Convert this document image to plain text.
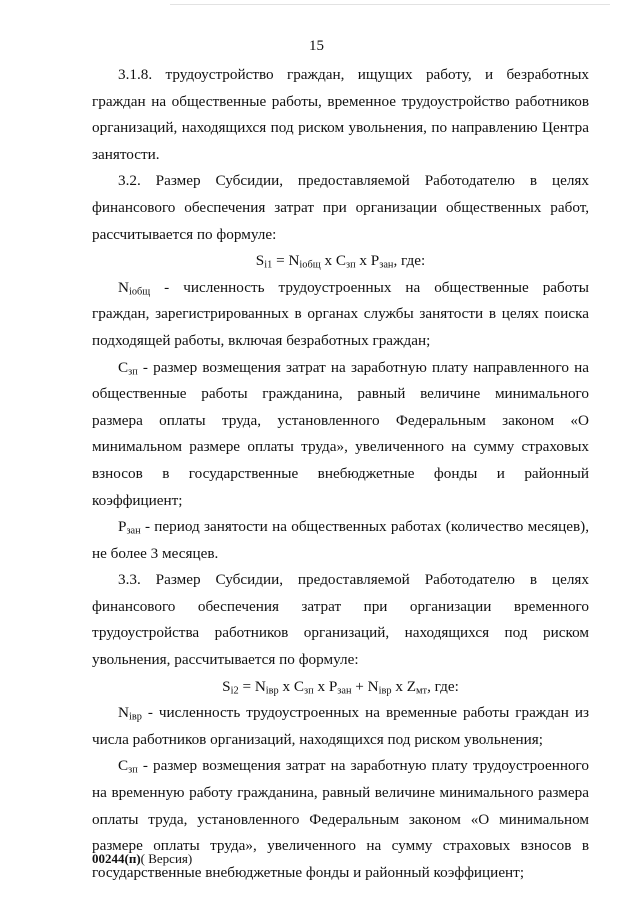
15

3.1.8. трудоустройство граждан, ищущих работу, и безработных граждан на общественные работы, временное трудоустройство работников организаций, находящихся под риском увольнения, по направлению Центра занятости.

3.2. Размер Субсидии, предоставляемой Работодателю в целях финансового обеспечения затрат при организации общественных работ, рассчитывается по формуле:

$S_{i1} = N_{ioбщ}$ x $С_{зп}$ x $Р_{зан}$, где:

$N_{ioбщ}$ - численность трудоустроенных на общественные работы граждан, зарегистрированных в органах службы занятости в целях поиска подходящей работы, включая безработных граждан;

$С_{зп}$ - размер возмещения затрат на заработную плату направленного на общественные работы гражданина, равный величине минимального размера оплаты труда, установленного Федеральным законом «О минимальном размере оплаты труда», увеличенного на сумму страховых взносов в государственные внебюджетные фонды и районный коэффициент;

$Р_{зан}$ - период занятости на общественных работах (количество месяцев), не более 3 месяцев.

3.3. Размер Субсидии, предоставляемой Работодателю в целях финансового обеспечения затрат при организации временного трудоустройства работников организаций, находящихся под риском увольнения, рассчитывается по формуле:

$S_{i2} = N_{iвр}$ x $С_{зп}$ x $Р_{зан} + N_{iвр}$ x $Z_{мт}$, где:

$N_{iвр}$ - численность трудоустроенных на временные работы граждан из числа работников организаций, находящихся под риском увольнения;

$С_{зп}$ - размер возмещения затрат на заработную плату трудоустроенного на временную работу гражданина, равный величине минимального размера оплаты труда, установленного Федеральным законом «О минимальном размере оплаты труда», увеличенного на сумму страховых взносов в государственные внебюджетные фонды и районный коэффициент;

00244(п)( Версия)
